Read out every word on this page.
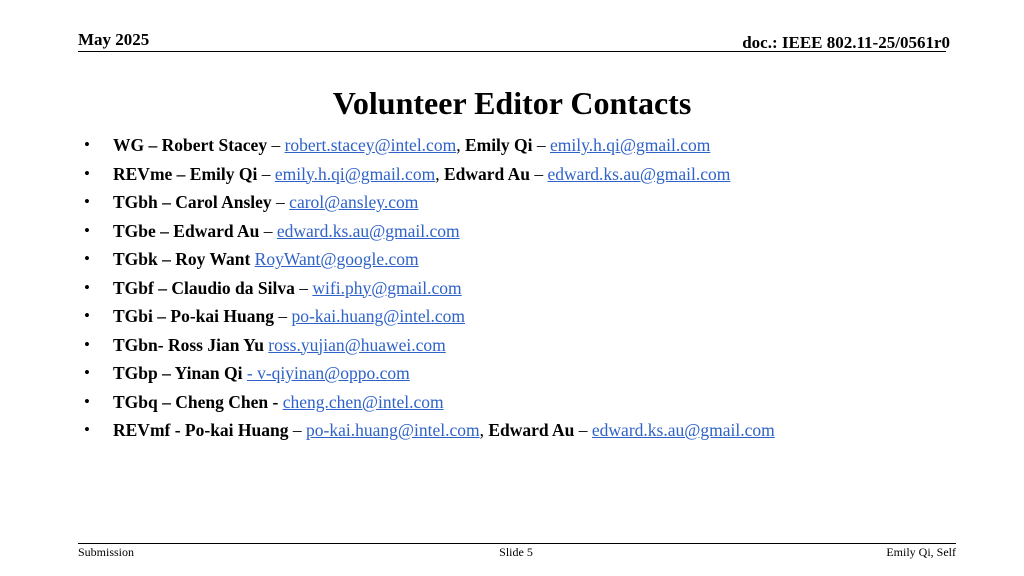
May 2025	doc.: IEEE 802.11-25/0561r0
Volunteer Editor Contacts
• WG – Robert Stacey – robert.stacey@intel.com, Emily Qi – emily.h.qi@gmail.com
• REVme – Emily Qi – emily.h.qi@gmail.com, Edward Au – edward.ks.au@gmail.com
• TGbh – Carol Ansley – carol@ansley.com
• TGbe – Edward Au – edward.ks.au@gmail.com
• TGbk – Roy Want RoyWant@google.com
• TGbf – Claudio da Silva – wifi.phy@gmail.com
• TGbi – Po-kai Huang – po-kai.huang@intel.com
• TGbn- Ross Jian Yu ross.yujian@huawei.com
• TGbp – Yinan Qi - v-qiyinan@oppo.com
• TGbq – Cheng Chen - cheng.chen@intel.com
• REVmf - Po-kai Huang – po-kai.huang@intel.com, Edward Au – edward.ks.au@gmail.com
Submission	Slide 5	Emily Qi, Self
